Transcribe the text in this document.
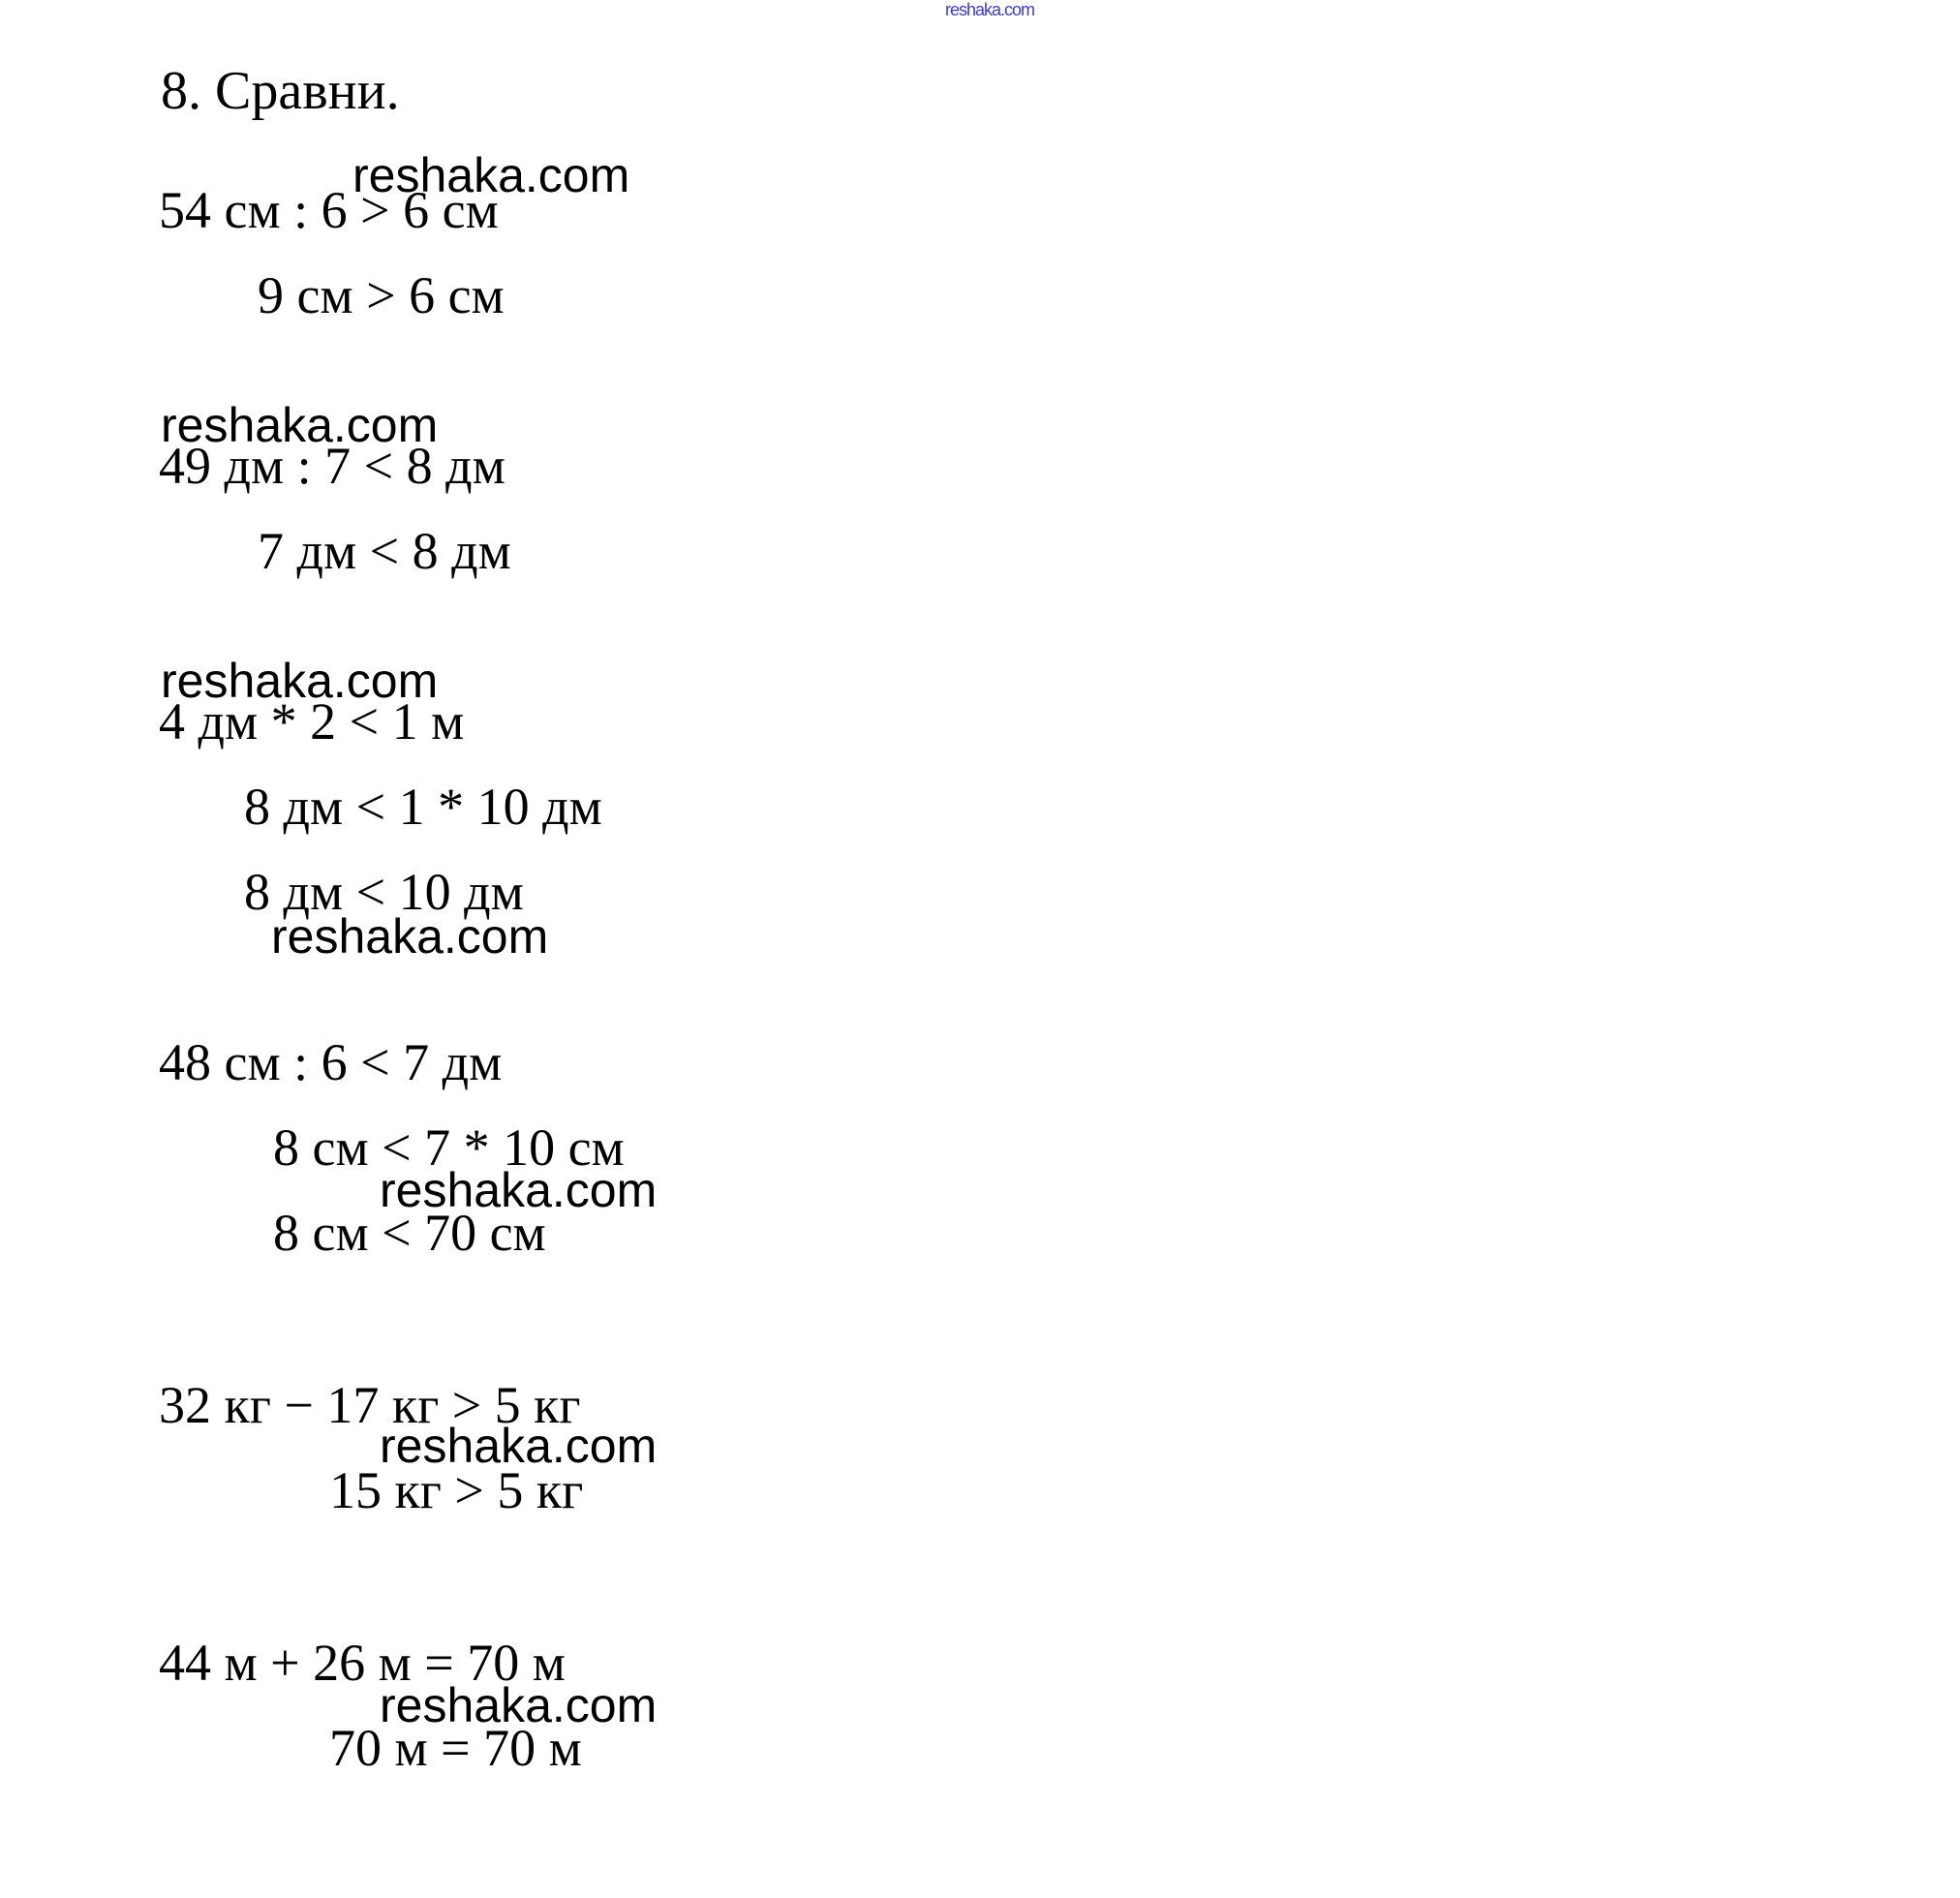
reshaka.com
8. Сравни.
reshaka.com
54 см : 6 > 6 см
9 см > 6 см
reshaka.com
49 дм : 7 < 8 дм
7 дм < 8 дм
reshaka.com
4 дм * 2 < 1 м
8 дм < 1 * 10 дм
8 дм < 10 дм
reshaka.com
48 см : 6 < 7 дм
8 см < 7 * 10 см
reshaka.com
8 см < 70 см
32 кг − 17 кг > 5 кг
reshaka.com
15 кг > 5 кг
44 м + 26 м = 70 м
reshaka.com
70 м = 70 м
